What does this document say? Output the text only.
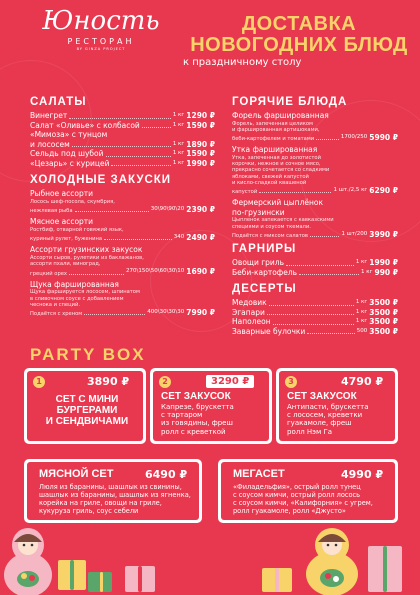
Юность
РЕСТОРАН
BY GINZA PROJECT
ДОСТАВКА
НОВОГОДНИХ БЛЮД
к праздничному столу
САЛАТЫ
Винегрет	1 кг 1290 ₽
Салат «Оливье» с колбасой	1 кг 1590 ₽
«Мимоза» с тунцом
и лососем	1 кг 1890 ₽
Сельдь под шубой	1 кг 1590 ₽
«Цезарь» с курицей	1 кг 1990 ₽
ХОЛОДНЫЕ ЗАКУСКИ
Рыбное ассорти
Лосось шеф-посола, скумбрия,
нежлевая рыба	30\90\90\20 2390 ₽
Мясное ассорти
Ростбиф, отварной говяжий язык,
куриный рулет, буженина	340 2490 ₽
Ассорти грузинских закусок
Ассорти сыров, рулетики из баклажанов,
ассорти пхали, виноград,
грецкий орех	270\150\50\60\30\10 1690 ₽
Щука фаршированная
Щука фаршируется лососем, шпинатом
в сливочном соусе с добавлением
чеснока и специй.
Подаётся с хреном	400\30\30\30 7990 ₽
ГОРЯЧИЕ БЛЮДА
Форель фаршированная
Форель, запеченная целиком
и фаршированная артишоками,
беби-картофелем и томатами	1700/250 5990 ₽
Утка фаршированная
Утка, запеченная до золотистой
корочки, нежное и сочное мясо,
прекрасно сочетается со сладкими
яблоками, свежей капустой
и кисло-сладкой квашеной
капустой	1 шт./2,5 кг 6290 ₽
Фермерский цыплёнок
по-грузински
Цыпленок запекается с кавказскими
специями и соусом ткемали.
Подаётся с миксом салатов	1 шт/200 3990 ₽
ГАРНИРЫ
Овощи гриль	1 кг 1990 ₽
Беби-картофель	1 кг 990 ₽
ДЕСЕРТЫ
Медовик	1 кг 3500 ₽
Эгапари	1 кг 3500 ₽
Наполеон	1 кг 3500 ₽
Заварные булочки	500 3500 ₽
PARTY BOX
1	3890 ₽
СЕТ С МИНИ
БУРГЕРАМИ
И СЕНДВИЧАМИ
2	3290 ₽
СЕТ ЗАКУСОК
Капрезе, брускетта
с тартаром
из говядины, фреш
ролл с креветкой
3	4790 ₽
СЕТ ЗАКУСОК
Антипасти, брускетта
с лососем, креветки
гуакамоле, фреш
ролл Нэм Га
МЯСНОЙ СЕТ	6490 ₽
Люля из баранины, шашлык из свинины,
шашлык из баранины, шашлык из ягненка,
корейка на гриле, овощи на гриле,
кукуруза гриль, соус себели
МЕГАСЕТ	4990 ₽
«Филадельфия», острый ролл тунец
с соусом кимчи, острый ролл лосось
с соусом кимчи, «Калифорния» с угрем,
ролл гуакамоле, ролл «Джусто»
